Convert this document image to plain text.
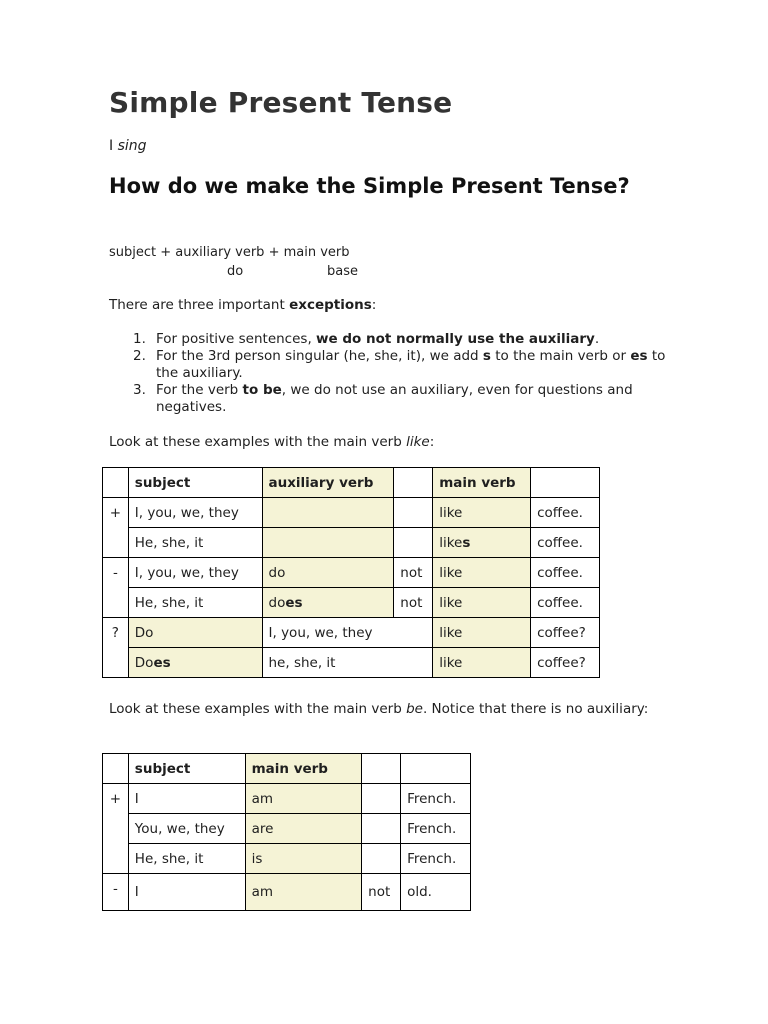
Simple Present Tense

I sing

How do we make the Simple Present Tense?
subject + auxiliary verb + main verb
do	base

There are three important exceptions:

1. For positive sentences, we do not normally use the auxiliary.
2. For the 3rd person singular (he, she, it), we add s to the main verb or es to the auxiliary.
3. For the verb to be, we do not use an auxiliary, even for questions and negatives.

Look at these examples with the main verb like:

	subject	auxiliary verb		main verb	
+	I, you, we, they			like	coffee.
	He, she, it			likes	coffee.
-	I, you, we, they	do	not	like	coffee.
	He, she, it	does	not	like	coffee.
?	Do	I, you, we, they		like	coffee?
	Does	he, she, it		like	coffee?

Look at these examples with the main verb be. Notice that there is no auxiliary:

	subject	main verb		
+	I	am		French.
	You, we, they	are		French.
	He, she, it	is		French.
-	I	am	not	old.
